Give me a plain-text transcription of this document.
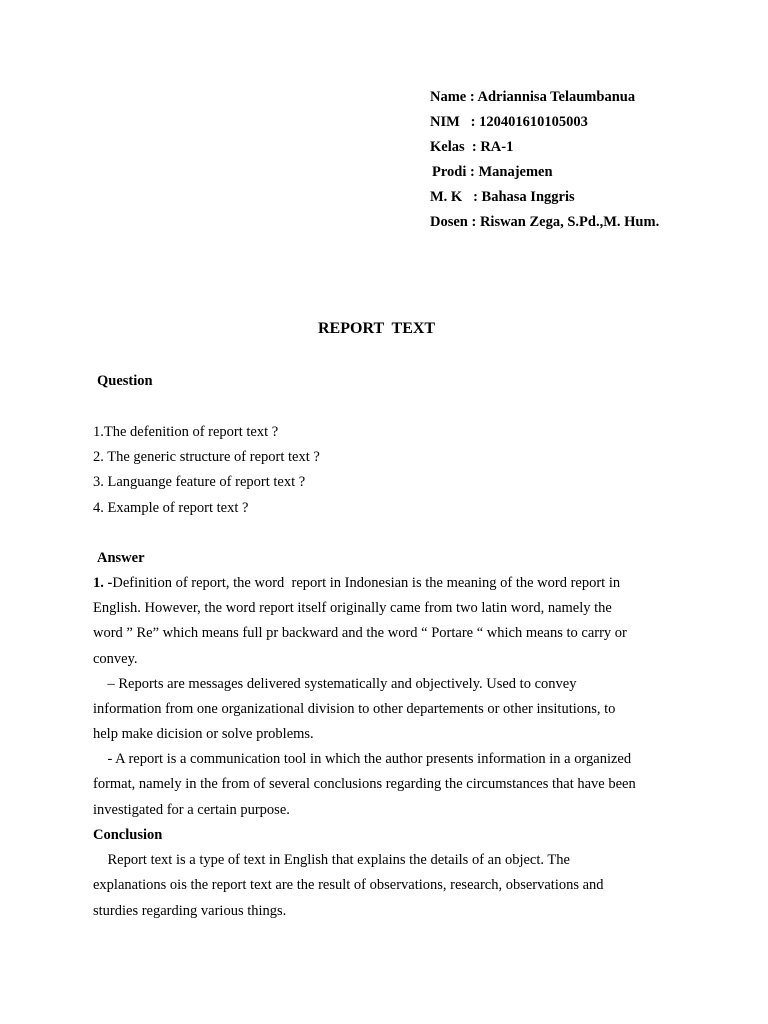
Name : Adriannisa Telaumbanua
NIM   : 120401610105003
Kelas  : RA-1
Prodi : Manajemen
M. K   : Bahasa Inggris
Dosen : Riswan Zega, S.Pd.,M. Hum.
REPORT  TEXT
Question
1.The defenition of report text ?
2. The generic structure of report text ?
3. Languange feature of report text ?
4. Example of report text ?
Answer
1. -Definition of report, the word  report in Indonesian is the meaning of the word report in
English. However, the word report itself originally came from two latin word, namely the
word ” Re” which means full pr backward and the word “ Portare “ which means to carry or
convey.
– Reports are messages delivered systematically and objectively. Used to convey
information from one organizational division to other departements or other insitutions, to
help make dicision or solve problems.
- A report is a communication tool in which the author presents information in a organized
format, namely in the from of several conclusions regarding the circumstances that have been
investigated for a certain purpose.
Conclusion
Report text is a type of text in English that explains the details of an object. The
explanations ois the report text are the result of observations, research, observations and
sturdies regarding various things.
